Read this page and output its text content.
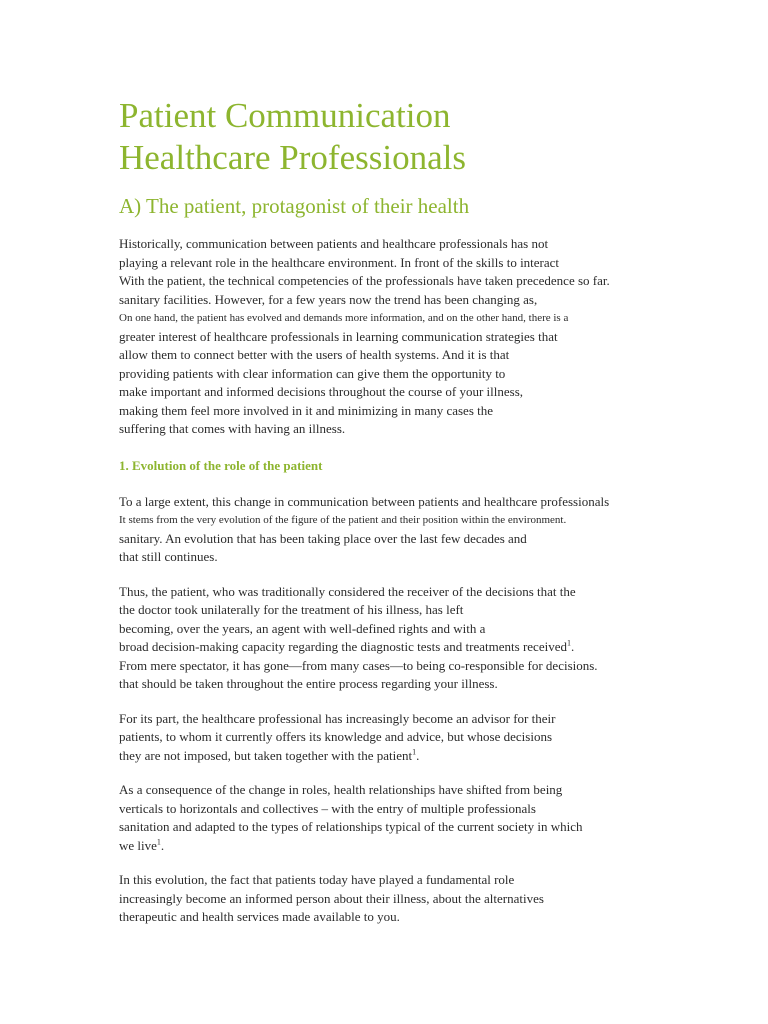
Patient Communication
Healthcare Professionals
A) The patient, protagonist of their health

Historically, communication between patients and healthcare professionals has not
playing a relevant role in the healthcare environment. In front of the skills to interact
With the patient, the technical competencies of the professionals have taken precedence so far.
sanitary facilities. However, for a few years now the trend has been changing as,
On one hand, the patient has evolved and demands more information, and on the other hand, there is a
greater interest of healthcare professionals in learning communication strategies that
allow them to connect better with the users of health systems. And it is that
providing patients with clear information can give them the opportunity to
make important and informed decisions throughout the course of your illness,
making them feel more involved in it and minimizing in many cases the
suffering that comes with having an illness.

1. Evolution of the role of the patient

To a large extent, this change in communication between patients and healthcare professionals
It stems from the very evolution of the figure of the patient and their position within the environment.
sanitary. An evolution that has been taking place over the last few decades and
that still continues.

Thus, the patient, who was traditionally considered the receiver of the decisions that the
the doctor took unilaterally for the treatment of his illness, has left
becoming, over the years, an agent with well-defined rights and with a
broad decision-making capacity regarding the diagnostic tests and treatments received$^1$.
From mere spectator, it has gone—from many cases—to being co-responsible for decisions.
that should be taken throughout the entire process regarding your illness.

For its part, the healthcare professional has increasingly become an advisor for their
patients, to whom it currently offers its knowledge and advice, but whose decisions
they are not imposed, but taken together with the patient$^1$.

As a consequence of the change in roles, health relationships have shifted from being
verticals to horizontals and collectives – with the entry of multiple professionals
sanitation and adapted to the types of relationships typical of the current society in which
we live$^1$.

In this evolution, the fact that patients today have played a fundamental role
increasingly become an informed person about their illness, about the alternatives
therapeutic and health services made available to you.
